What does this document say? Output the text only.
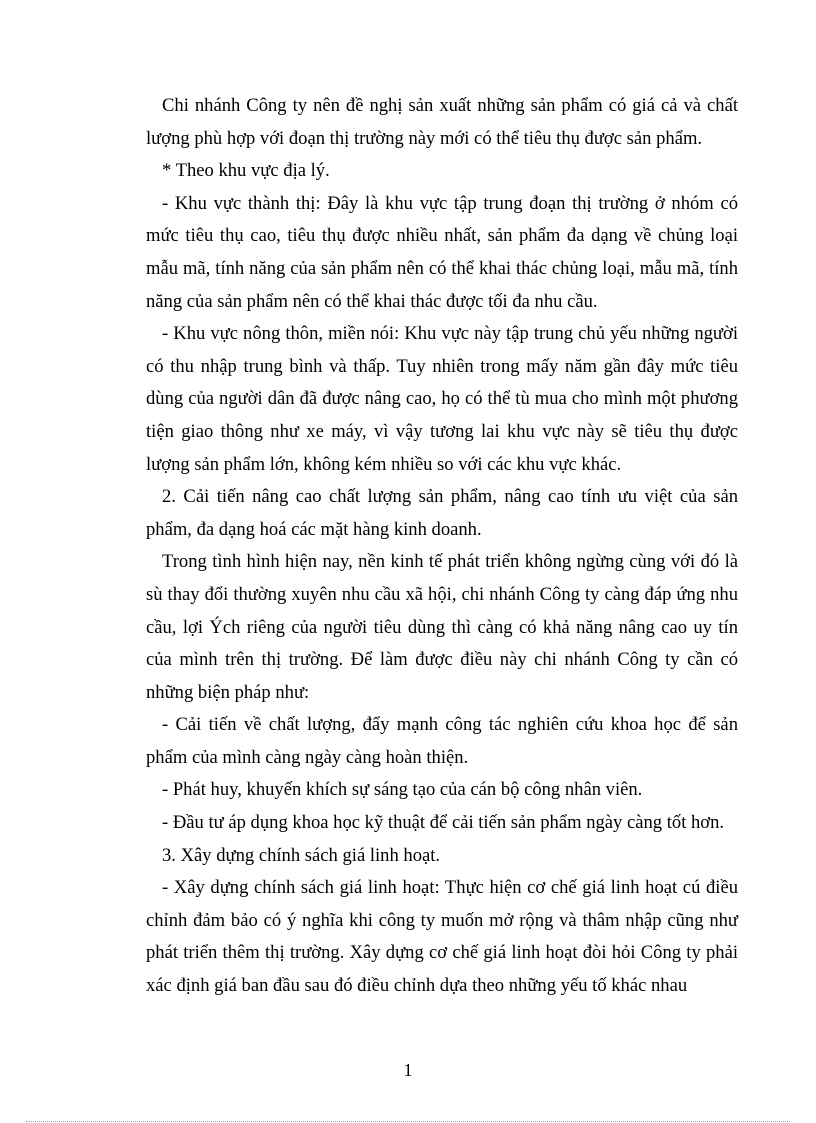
Chi nhánh Công ty nên đề nghị sản xuất những sản phẩm có giá cả và chất lượng phù hợp với đoạn thị trường này mới có thể tiêu thụ được sản phẩm.

* Theo khu vực địa lý.

- Khu vực thành thị: Đây là khu vực tập trung đoạn thị trường ở nhóm có mức tiêu thụ cao, tiêu thụ được nhiều nhất, sản phẩm đa dạng về chủng loại mẫu mã, tính năng của sản phẩm nên có thể khai thác chủng loại, mẫu mã, tính năng của sản phẩm nên có thể khai thác được tối đa nhu cầu.

- Khu vực nông thôn, miền nói: Khu vực này tập trung chủ yếu những người có thu nhập trung bình và thấp. Tuy nhiên trong mấy năm gần đây mức tiêu dùng của người dân đã được nâng cao, họ có thể tù mua cho mình một phương tiện giao thông như xe máy, vì vậy tương lai khu vực này sẽ tiêu thụ được lượng sản phẩm lớn, không kém nhiều so với các khu vực khác.

2. Cải tiến nâng cao chất lượng sản phẩm, nâng cao tính ưu việt của sản phẩm, đa dạng hoá các mặt hàng kinh doanh.

Trong tình hình hiện nay, nền kinh tế phát triển không ngừng cùng với đó là sù thay đổi thường xuyên nhu cầu xã hội, chi nhánh Công ty càng đáp ứng nhu cầu, lợi Ých riêng của người tiêu dùng thì càng có khả năng nâng cao uy tín của mình trên thị trường. Để làm được điều này chi nhánh Công ty cần có những biện pháp như:

- Cải tiến về chất lượng, đẩy mạnh công tác nghiên cứu khoa học để sản phẩm của mình càng ngày càng hoàn thiện.

- Phát huy, khuyến khích sự sáng tạo của cán bộ công nhân viên.

- Đầu tư áp dụng khoa học kỹ thuật để cải tiến sản phẩm ngày càng tốt hơn.

3. Xây dựng chính sách giá linh hoạt.

- Xây dựng chính sách giá linh hoạt: Thực hiện cơ chế giá linh hoạt cú điều chỉnh đảm bảo có ý nghĩa khi công ty muốn mở rộng và thâm nhập cũng như phát triển thêm thị trường. Xây dựng cơ chế giá linh hoạt đòi hỏi Công ty phải xác định giá ban đầu sau đó điều chỉnh dựa theo những yếu tố khác nhau

1
